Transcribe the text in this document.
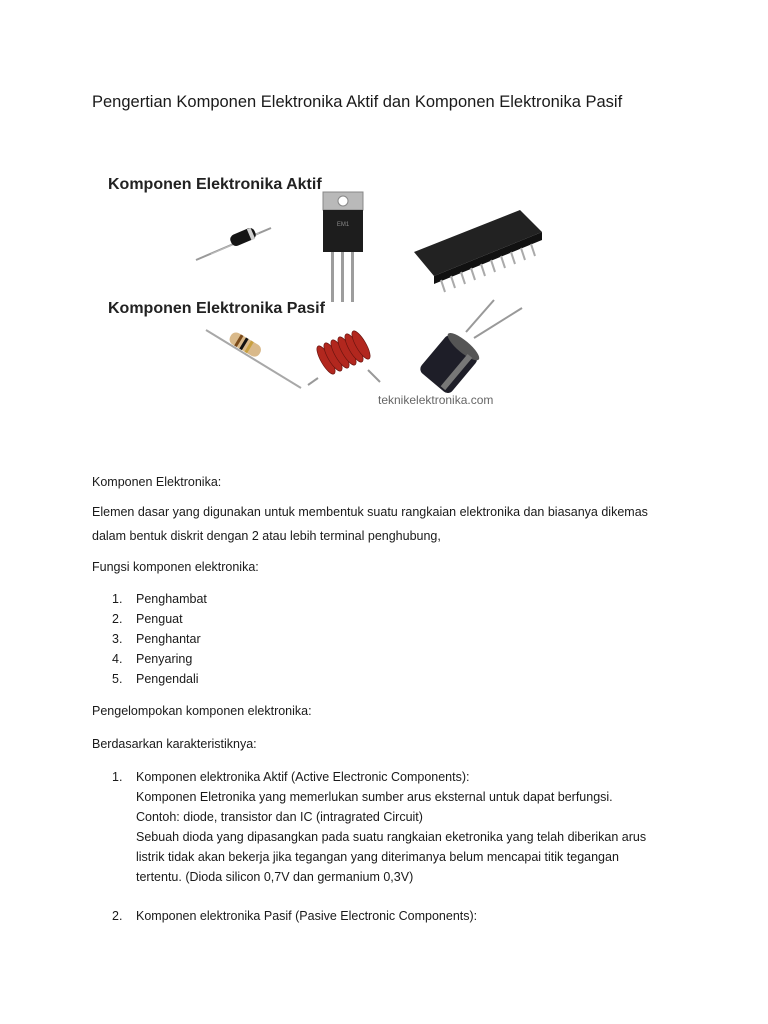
Pengertian Komponen Elektronika Aktif dan Komponen Elektronika Pasif
Komponen Elektronika Aktif
Komponen Elektronika Pasif
EM1
teknikelektronika.com
Komponen Elektronika:
Elemen dasar yang digunakan untuk membentuk suatu rangkaian elektronika dan biasanya dikemas
dalam bentuk diskrit dengan 2 atau lebih terminal penghubung,
Fungsi komponen elektronika:
1.	Penghambat
2.	Penguat
3.	Penghantar
4.	Penyaring
5.	Pengendali
Pengelompokan komponen elektronika:
Berdasarkan karakteristiknya:
1.	Komponen elektronika Aktif (Active Electronic Components):
Komponen Eletronika yang memerlukan sumber arus eksternal untuk dapat berfungsi.
Contoh: diode, transistor dan IC (intragrated Circuit)
Sebuah dioda yang dipasangkan pada suatu rangkaian eketronika yang telah diberikan arus
listrik tidak akan bekerja jika tegangan yang diterimanya belum mencapai titik tegangan
tertentu. (Dioda silicon 0,7V dan germanium 0,3V)
2.	Komponen elektronika Pasif (Pasive Electronic Components):
